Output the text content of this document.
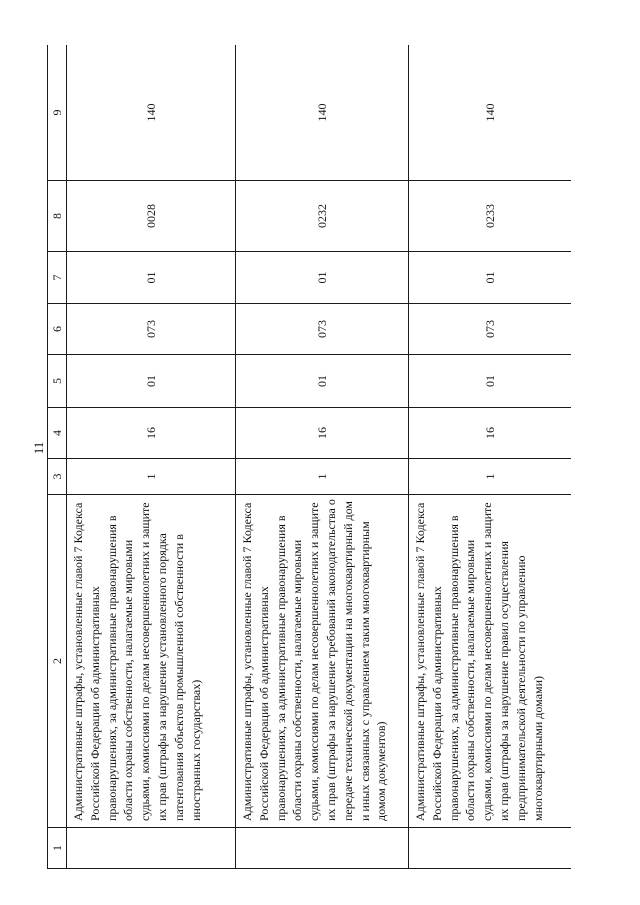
11
1	2	3	4	5	6	7	8	9

	Административные штрафы, установленные главой 7 Кодекса Российской Федерации об административных правонарушениях, за административные правонарушения в области охраны собственности, налагаемые мировыми судьями, комиссиями по делам несовершеннолетних и защите их прав (штрафы за нарушение установленного порядка патентования объектов промышленной собственности в иностранных государствах)	1	16	01	073	01	0028	140

	Административные штрафы, установленные главой 7 Кодекса Российской Федерации об административных правонарушениях, за административные правонарушения в области охраны собственности, налагаемые мировыми судьями, комиссиями по делам несовершеннолетних и защите их прав (штрафы за нарушение требований законодательства о передаче технической документации на многоквартирный дом и иных связанных с управлением таким многоквартирным домом документов)	1	16	01	073	01	0232	140

	Административные штрафы, установленные главой 7 Кодекса Российской Федерации об административных правонарушениях, за административные правонарушения в области охраны собственности, налагаемые мировыми судьями, комиссиями по делам несовершеннолетних и защите их прав (штрафы за нарушение правил осуществления предпринимательской деятельности по управлению многоквартирными домами)	1	16	01	073	01	0233	140
